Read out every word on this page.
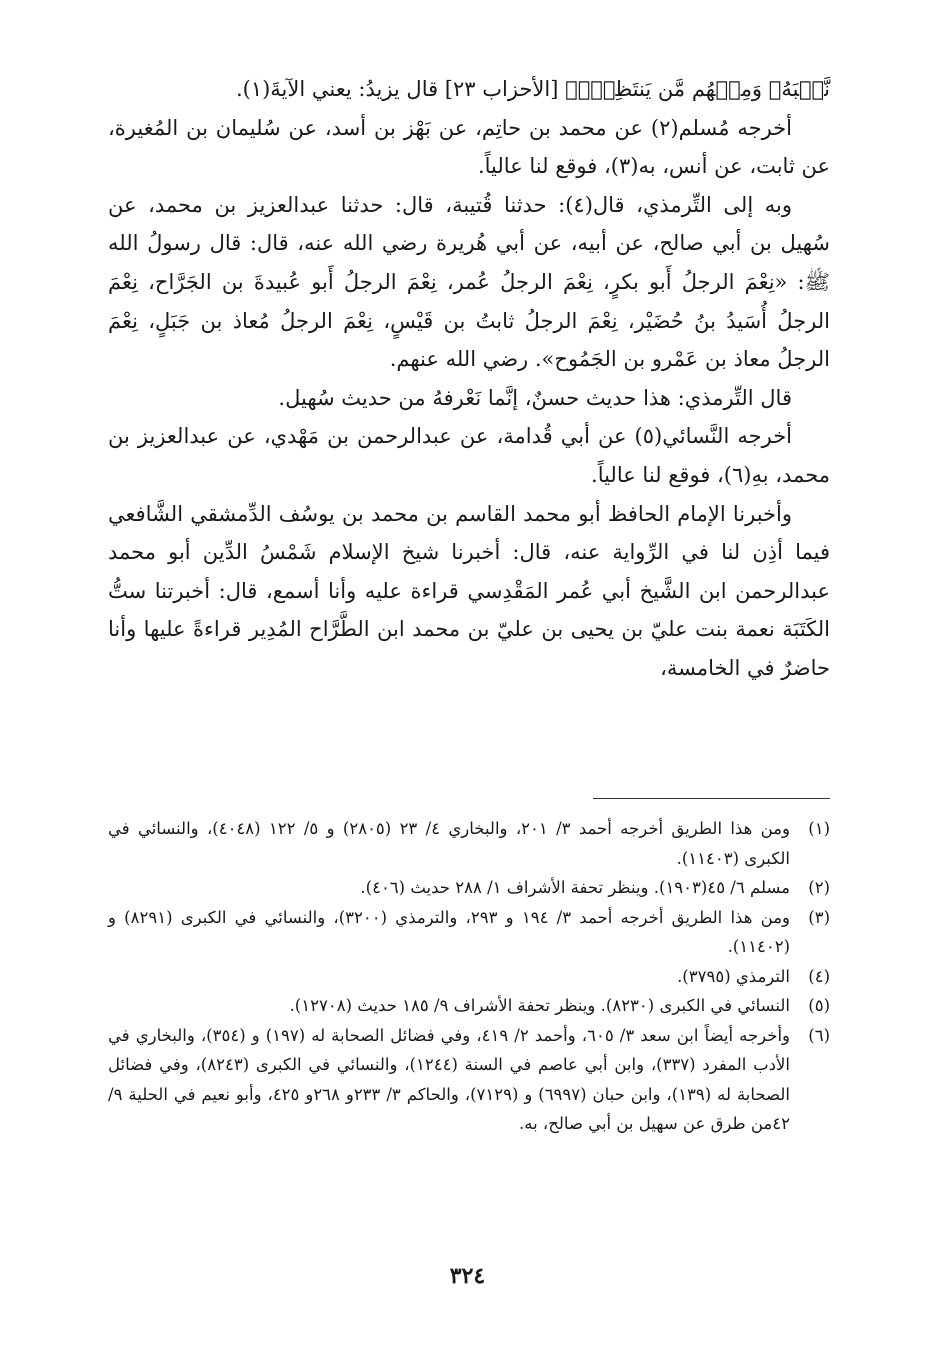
نَّحۡبَهُۥ وَمِنۡهُم مَّن يَنتَظِرُۖ﴾ [الأحزاب ٢٣] قال يزيدُ: يعني الآيةَ(١).

أخرجه مُسلم(٢) عن محمد بن حاتِم، عن بَهْز بن أسد، عن سُليمان بن المُغيرة، عن ثابت، عن أنس، به(٣)، فوقع لنا عالياً.

وبه إلى التِّرمذي، قال(٤): حدثنا قُتيبة، قال: حدثنا عبدالعزيز بن محمد، عن سُهيل بن أبي صالح، عن أبيه، عن أبي هُريرة رضي الله عنه، قال: قال رسولُ الله ﷺ: «نِعْمَ الرجلُ أَبو بكرٍ، نِعْمَ الرجلُ عُمر، نِعْمَ الرجلُ أَبو عُبيدةَ بن الجَرَّاح، نِعْمَ الرجلُ أُسَيدُ بنُ حُضَيْر، نِعْمَ الرجلُ ثابتُ بن قَيْسٍ، نِعْمَ الرجلُ مُعاذ بن جَبَلٍ، نِعْمَ الرجلُ معاذ بن عَمْرو بن الجَمُوح». رضي الله عنهم.

قال التِّرمذي: هذا حديث حسنٌ، إنَّما نَعْرفهُ من حديث سُهيل.

أخرجه النَّسائي(٥) عن أبي قُدامة، عن عبدالرحمن بن مَهْدي، عن عبدالعزيز بن محمد، بهِ(٦)، فوقع لنا عالياً.

وأخبرنا الإمام الحافظ أبو محمد القاسم بن محمد بن يوسُف الدِّمشقي الشَّافعي فيما أذِن لنا في الرِّواية عنه، قال: أخبرنا شيخ الإسلام شَمْسُ الدِّين أبو محمد عبدالرحمن ابن الشَّيخ أبي عُمر المَقْدِسي قراءة عليه وأنا أسمع، قال: أخبرتنا ستُّ الكَتَبَة نعمة بنت عليّ بن يحيى بن عليّ بن محمد ابن الطَّرَّاح المُدِير قراءةً عليها وأنا حاضرٌ في الخامسة،

(١)
ومن هذا الطريق أخرجه أحمد ٣/ ٢٠١، والبخاري ٤/ ٢٣ (٢٨٠٥) و ٥/ ١٢٢ (٤٠٤٨)، والنسائي في الكبرى (١١٤٠٣).
(٢)
مسلم ٦/ ٤٥(١٩٠٣). وينظر تحفة الأشراف ١/ ٢٨٨ حديث (٤٠٦).
(٣)
ومن هذا الطريق أخرجه أحمد ٣/ ١٩٤ و ٢٩٣، والترمذي (٣٢٠٠)، والنسائي في الكبرى (٨٢٩١) و (١١٤٠٢).
(٤)
الترمذي (٣٧٩٥).
(٥)
النسائي في الكبرى (٨٢٣٠). وينظر تحفة الأشراف ٩/ ١٨٥ حديث (١٢٧٠٨).
(٦)
وأخرجه أيضاً ابن سعد ٣/ ٦٠٥، وأحمد ٢/ ٤١٩، وفي فضائل الصحابة له (١٩٧) و (٣٥٤)، والبخاري في الأدب المفرد (٣٣٧)، وابن أبي عاصم في السنة (١٢٤٤)، والنسائي في الكبرى (٨٢٤٣)، وفي فضائل الصحابة له (١٣٩)، وابن حبان (٦٩٩٧) و (٧١٢٩)، والحاكم ٣/ ٢٣٣و ٢٦٨و ٤٢٥، وأبو نعيم في الحلية ٩/ ٤٢من طرق عن سهيل بن أبي صالح، به.
٣٢٤
